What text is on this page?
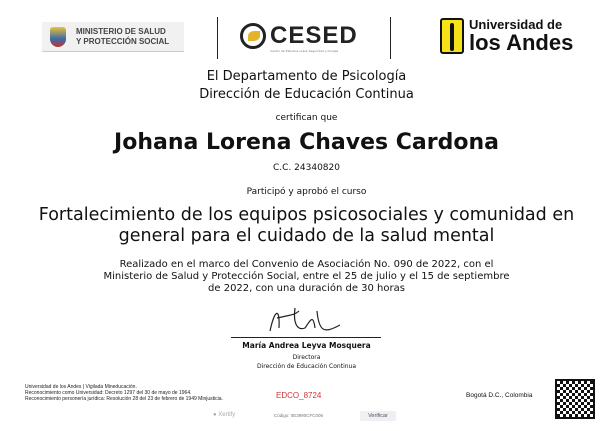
MINISTERIO DE SALUD
Y PROTECCIÓN SOCIAL	CESED
Centro de Estudios sobre Seguridad y Drogas
Universidad de
los Andes
El Departamento de Psicología
Dirección de Educación Continua
certifican que
Johana Lorena Chaves Cardona
C.C. 24340820
Participó y aprobó el curso
Fortalecimiento de los equipos psicosociales y comunidad en
general para el cuidado de la salud mental
Realizado en el marco del Convenio de Asociación No. 090 de 2022, con el Ministerio de Salud y Protección Social, entre el 25 de julio y el 15 de septiembre de 2022, con una duración de 30 horas
María Andrea Leyva Mosquera
Directora
Dirección de Educación Continua
Universidad de los Andes | Vigilada Mineducación.
Reconocimiento como Universidad: Decreto 1297 del 30 de mayo de 1964.
Reconocimiento personería jurídica: Resolución 28 del 23 de febrero de 1949 Minjusticia.	EDCO_8724	Bogotá D.C., Colombia
● Xertify	Código: 0E3990CFC006	Verificar
